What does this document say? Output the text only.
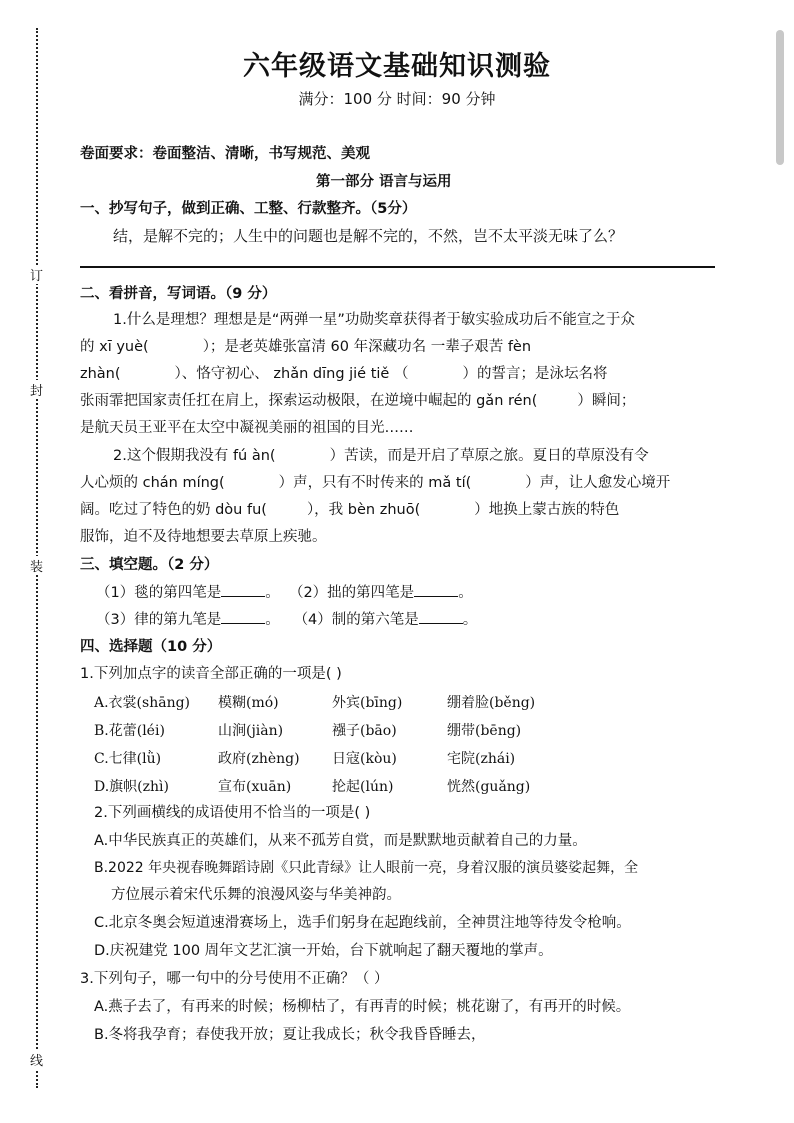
订
封
装
线
六年级语文基础知识测验
满分：100 分 时间：90 分钟
卷面要求：卷面整洁、清晰，书写规范、美观
第一部分 语言与运用
一、抄写句子，做到正确、工整、行款整齐。（5分）
结，是解不完的；人生中的问题也是解不完的，不然，岂不太平淡无味了么？
二、看拼音，写词语。（9 分）
1.什么是理想？理想是是“两弹一星”功勋奖章获得者于敏实验成功后不能宣之于众
的 xī yuè(	）；是老英雄张富清 60 年深藏功名 一辈子艰苦 fèn
zhàn(	）、恪守初心、 zhǎn dīng jié tiě （	）的誓言；是泳坛名将
张雨霏把国家责任扛在肩上，探索运动极限，在逆境中崛起的 gǎn rén(	）瞬间；
是航天员王亚平在太空中凝视美丽的祖国的目光……
2.这个假期我没有 fú àn(	）苦读，而是开启了草原之旅。夏日的草原没有令
人心烦的 chán míng(	）声，只有不时传来的 mǎ tí(	）声，让人愈发心境开
阔。吃过了特色的奶 dòu fu(	），我 bèn zhuō(	）地换上蒙古族的特色
服饰，迫不及待地想要去草原上疾驰。
三、填空题。（2 分）
（1）毯的第四笔是	。 （2）拙的第四笔是	。
（3）律的第九笔是	。 （4）制的第六笔是	。
四、选择题（10 分）
1.下列加点字的读音全部正确的一项是( )
A.衣裳(shāng) 模糊(mó)	外宾(bīng)	绷着脸(běng)
B.花蕾(léi)	山涧(jiàn)	襁子(bāo)	绷带(bēng)
C.七律(lǜ)	政府(zhèng) 日寇(kòu)	宅院(zhái)
D.旗帜(zhì)	宣布(xuān)	抡起(lún)	恍然(guǎng)
2.下列画横线的成语使用不恰当的一项是( )
A.中华民族真正的英雄们，从来不孤芳自赏，而是默默地贡献着自己的力量。
B.2022 年央视春晚舞蹈诗剧《只此青绿》让人眼前一亮，身着汉服的演员婆娑起舞，全
方位展示着宋代乐舞的浪漫风姿与华美神韵。
C.北京冬奥会短道速滑赛场上，选手们躬身在起跑线前，全神贯注地等待发令枪响。
D.庆祝建党 100 周年文艺汇演一开始，台下就响起了翻天覆地的掌声。
3.下列句子，哪一句中的分号使用不正确？（ ）
A.燕子去了，有再来的时候；杨柳枯了，有再青的时候；桃花谢了，有再开的时候。
B.冬将我孕育；春使我开放；夏让我成长；秋令我昏昏睡去，
